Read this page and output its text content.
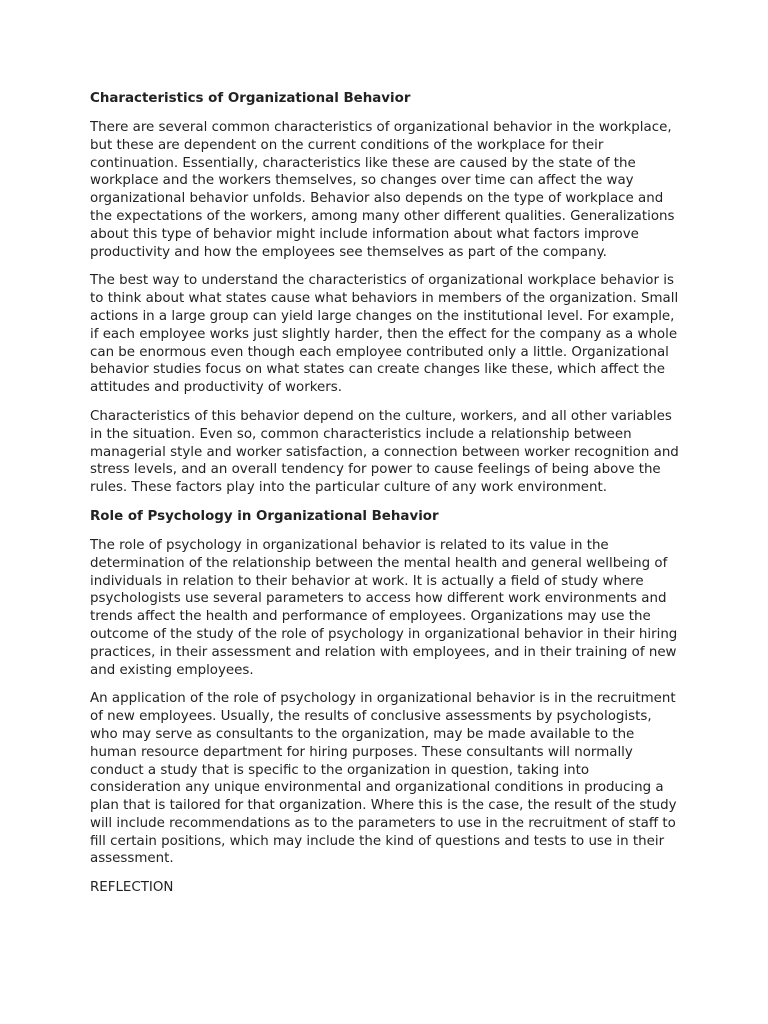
Characteristics of Organizational Behavior

There are several common characteristics of organizational behavior in the workplace, but these are dependent on the current conditions of the workplace for their continuation. Essentially, characteristics like these are caused by the state of the workplace and the workers themselves, so changes over time can affect the way organizational behavior unfolds. Behavior also depends on the type of workplace and the expectations of the workers, among many other different qualities. Generalizations about this type of behavior might include information about what factors improve productivity and how the employees see themselves as part of the company.

The best way to understand the characteristics of organizational workplace behavior is to think about what states cause what behaviors in members of the organization. Small actions in a large group can yield large changes on the institutional level. For example, if each employee works just slightly harder, then the effect for the company as a whole can be enormous even though each employee contributed only a little. Organizational behavior studies focus on what states can create changes like these, which affect the attitudes and productivity of workers.

Characteristics of this behavior depend on the culture, workers, and all other variables in the situation. Even so, common characteristics include a relationship between managerial style and worker satisfaction, a connection between worker recognition and stress levels, and an overall tendency for power to cause feelings of being above the rules. These factors play into the particular culture of any work environment.

Role of Psychology in Organizational Behavior

The role of psychology in organizational behavior is related to its value in the determination of the relationship between the mental health and general wellbeing of individuals in relation to their behavior at work. It is actually a field of study where psychologists use several parameters to access how different work environments and trends affect the health and performance of employees. Organizations may use the outcome of the study of the role of psychology in organizational behavior in their hiring practices, in their assessment and relation with employees, and in their training of new and existing employees.

An application of the role of psychology in organizational behavior is in the recruitment of new employees. Usually, the results of conclusive assessments by psychologists, who may serve as consultants to the organization, may be made available to the human resource department for hiring purposes. These consultants will normally conduct a study that is specific to the organization in question, taking into consideration any unique environmental and organizational conditions in producing a plan that is tailored for that organization. Where this is the case, the result of the study will include recommendations as to the parameters to use in the recruitment of staff to fill certain positions, which may include the kind of questions and tests to use in their assessment.

REFLECTION
